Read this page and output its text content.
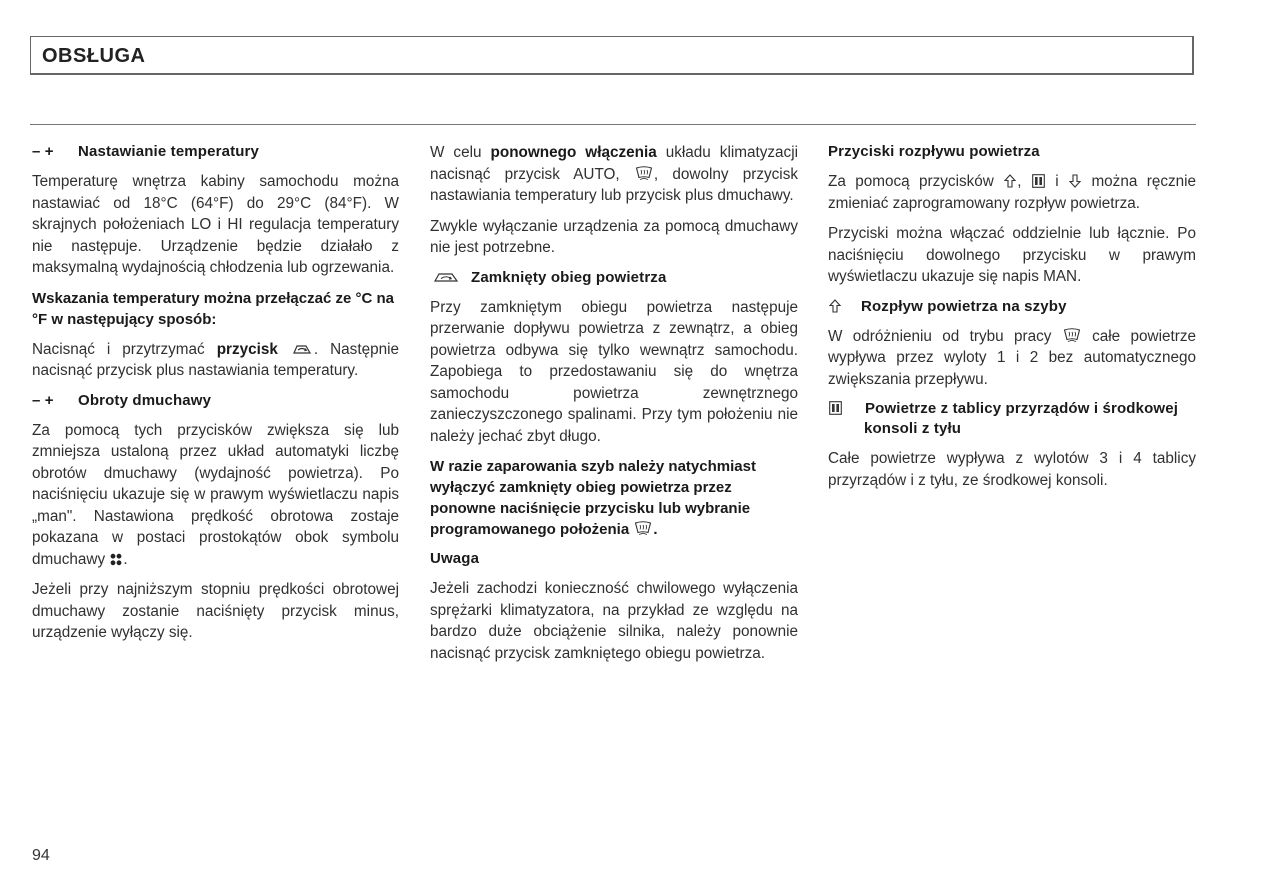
OBSŁUGA
– + Nastawianie temperatury

Temperaturę wnętrza kabiny samochodu można nastawiać od 18°C (64°F) do 29°C (84°F). W skrajnych położeniach LO i HI regulacja temperatury nie następuje. Urządzenie będzie działało z maksymalną wydajnością chłodzenia lub ogrzewania.

Wskazania temperatury można przełączać ze °C na °F w następujący sposób:

Nacisnąć i przytrzymać przycisk . Następnie nacisnąć przycisk plus nastawiania temperatury.

– + Obroty dmuchawy

Za pomocą tych przycisków zwiększa się lub zmniejsza ustaloną przez układ automatyki liczbę obrotów dmuchawy (wydajność powietrza). Po naciśnięciu ukazuje się w prawym wyświetlaczu napis „man". Nastawiona prędkość obrotowa zostaje pokazana w postaci prostokątów obok symbolu dmuchawy .

Jeżeli przy najniższym stopniu prędkości obrotowej dmuchawy zostanie naciśnięty przycisk minus, urządzenie wyłączy się.

W celu ponownego włączenia układu klimatyzacji nacisnąć przycisk AUTO, , dowolny przycisk nastawiania temperatury lub przycisk plus dmuchawy.

Zwykle wyłączanie urządzenia za pomocą dmuchawy nie jest potrzebne.

Zamknięty obieg powietrza

Przy zamkniętym obiegu powietrza następuje przerwanie dopływu powietrza z zewnątrz, a obieg powietrza odbywa się tylko wewnątrz samochodu. Zapobiega to przedostawaniu się do wnętrza samochodu powietrza zewnętrznego zanieczyszczonego spalinami. Przy tym położeniu nie należy jechać zbyt długo.

W razie zaparowania szyb należy natychmiast wyłączyć zamknięty obieg powietrza przez ponowne naciśnięcie przycisku lub wybranie programowanego położenia .
Uwaga

Jeżeli zachodzi konieczność chwilowego wyłączenia sprężarki klimatyzatora, na przykład ze względu na bardzo duże obciążenie silnika, należy ponownie nacisnąć przycisk zamkniętego obiegu powietrza.

Przyciski rozpływu powietrza

Za pomocą przycisków , i można ręcznie zmieniać zaprogramowany rozpływ powietrza.

Przyciski można włączać oddzielnie lub łącznie. Po naciśnięciu dowolnego przycisku w prawym wyświetlaczu ukazuje się napis MAN.

Rozpływ powietrza na szyby

W odróżnieniu od trybu pracy	całe powietrze wypływa przez wyloty 1 i 2 bez automatycznego zwiększania przepływu.

Powietrze z tablicy przyrządów i środkowej konsoli z tyłu

Całe powietrze wypływa z wylotów 3 i 4 tablicy przyrządów i z tyłu, ze środkowej konsoli.

94
